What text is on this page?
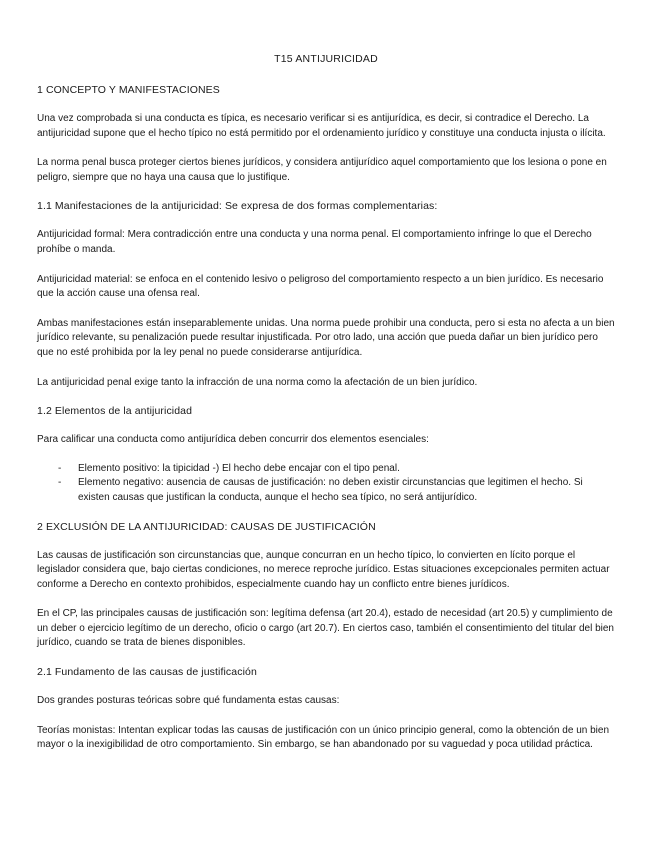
T15 ANTIJURICIDAD
1 CONCEPTO Y MANIFESTACIONES
Una vez comprobada si una conducta es típica, es necesario verificar si es antijurídica, es decir, si contradice el Derecho. La antijuricidad supone que el hecho típico no está permitido por el ordenamiento jurídico y constituye una conducta injusta o ilícita.
La norma penal busca proteger ciertos bienes jurídicos, y considera antijurídico aquel comportamiento que los lesiona o pone en peligro, siempre que no haya una causa que lo justifique.
1.1 Manifestaciones de la antijuricidad: Se expresa de dos formas complementarias:
Antijuricidad formal: Mera contradicción entre una conducta y una norma penal. El comportamiento infringe lo que el Derecho prohíbe o manda.
Antijuricidad material: se enfoca en el contenido lesivo o peligroso del comportamiento respecto a un bien jurídico. Es necesario que la acción cause una ofensa real.
Ambas manifestaciones están inseparablemente unidas. Una norma puede prohibir una conducta, pero si esta no afecta a un bien jurídico relevante, su penalización puede resultar injustificada. Por otro lado, una acción que pueda dañar un bien jurídico pero que no esté prohibida por la ley penal no puede considerarse antijurídica.
La antijuricidad penal exige tanto la infracción de una norma como la afectación de un bien jurídico.
1.2 Elementos de la antijuricidad
Para calificar una conducta como antijurídica deben concurrir dos elementos esenciales:
- Elemento positivo: la tipicidad -) El hecho debe encajar con el tipo penal.
- Elemento negativo: ausencia de causas de justificación: no deben existir circunstancias que legitimen el hecho. Si existen causas que justifican la conducta, aunque el hecho sea típico, no será antijurídico.
2 EXCLUSIÓN DE LA ANTIJURICIDAD: CAUSAS DE JUSTIFICACIÓN
Las causas de justificación son circunstancias que, aunque concurran en un hecho típico, lo convierten en lícito porque el legislador considera que, bajo ciertas condiciones, no merece reproche jurídico. Estas situaciones excepcionales permiten actuar conforme a Derecho en contexto prohibidos, especialmente cuando hay un conflicto entre bienes jurídicos.
En el CP, las principales causas de justificación son: legítima defensa (art 20.4), estado de necesidad (art 20.5) y cumplimiento de un deber o ejercicio legítimo de un derecho, oficio o cargo (art 20.7). En ciertos caso, también el consentimiento del titular del bien jurídico, cuando se trata de bienes disponibles.
2.1 Fundamento de las causas de justificación
Dos grandes posturas teóricas sobre qué fundamenta estas causas:
Teorías monistas: Intentan explicar todas las causas de justificación con un único principio general, como la obtención de un bien mayor o la inexigibilidad de otro comportamiento. Sin embargo, se han abandonado por su vaguedad y poca utilidad práctica.
